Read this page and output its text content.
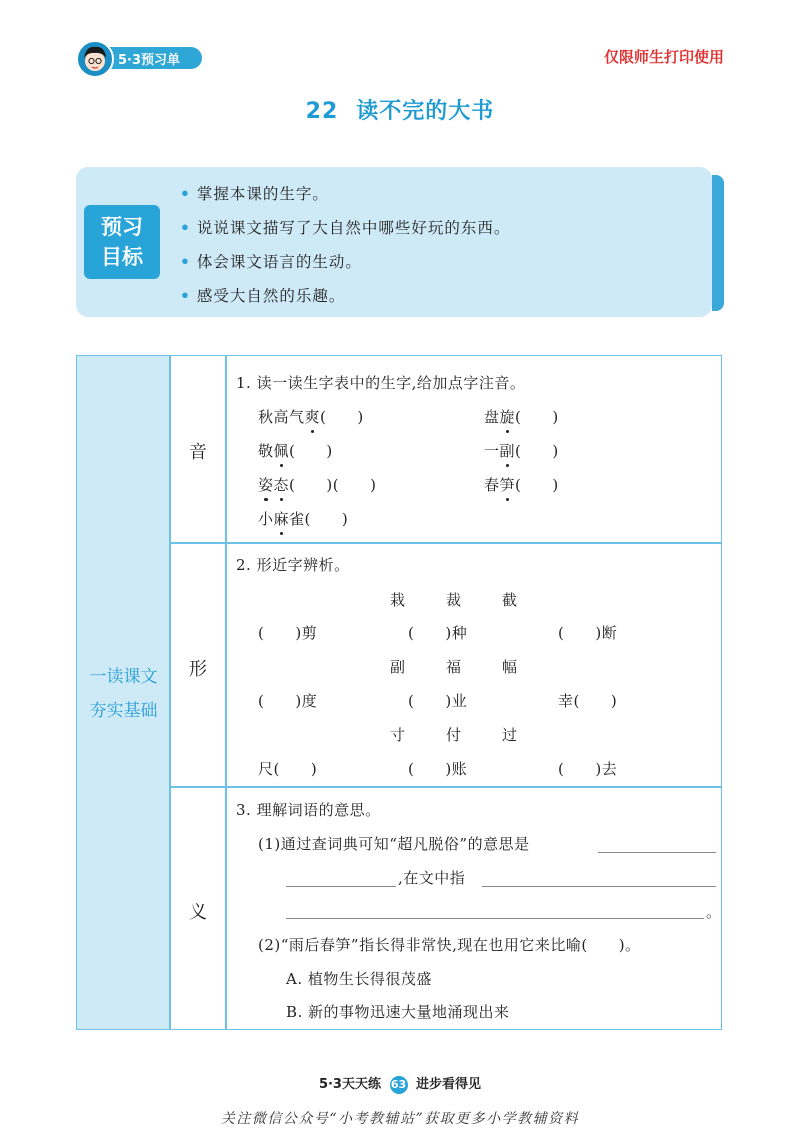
5·3预习单	仅限师生打印使用
22 读不完的大书
预习
目标
• 掌握本课的生字。
• 说说课文描写了大自然中哪些好玩的东西。
• 体会课文语言的生动。
• 感受大自然的乐趣。
一读课文
夯实基础
音
1. 读一读生字表中的生字,给加点字注音。
秋高气爽(　　)	盘旋(　　)
敬佩(　　)	一副(　　)
姿态(　　)(　　)	春笋(　　)
小麻雀(　　)
形
2. 形近字辨析。
栽	裁	截
(　　)剪	(　　)种	(　　)断
副	福	幅
(　　)度	(　　)业	幸(　　)
寸	付	过
尺(　　)	(　　)账	(　　)去
义
3. 理解词语的意思。
(1)通过查词典可知“超凡脱俗”的意思是
,在文中指
。
(2)“雨后春笋”指长得非常快,现在也用它来比喻(　　)。
A. 植物生长得很茂盛
B. 新的事物迅速大量地涌现出来
5·3天天练 63 进步看得见
关注微信公众号“小考教辅站”获取更多小学教辅资料
